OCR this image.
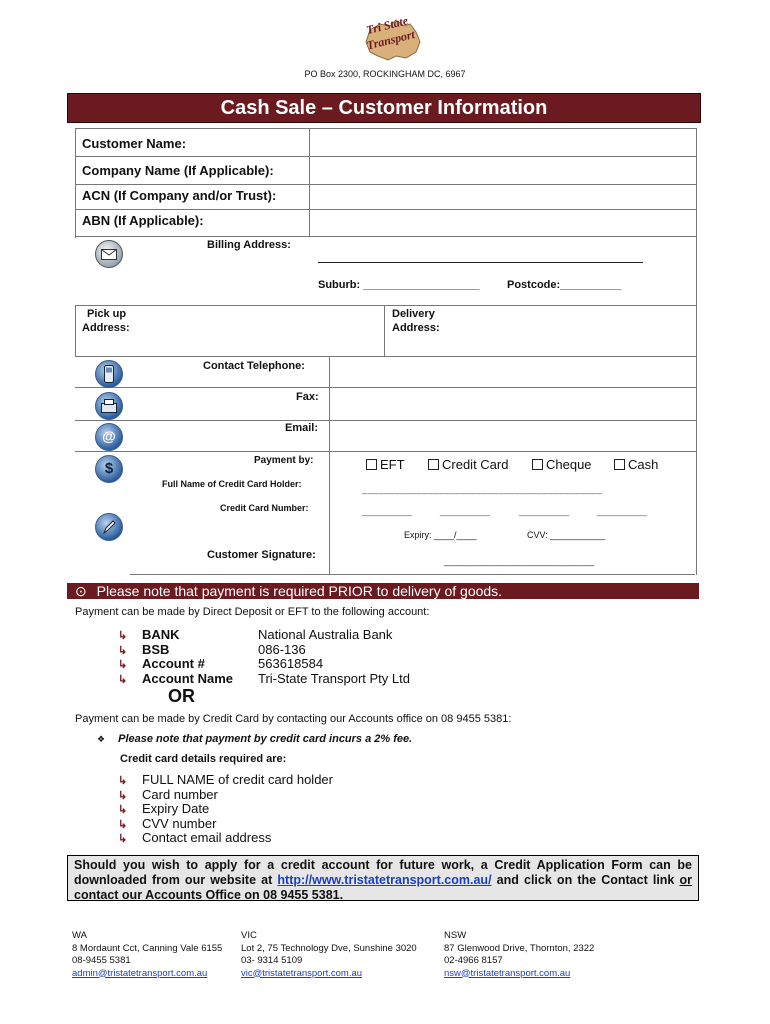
Tri State Transport
PO Box 2300, ROCKINGHAM DC, 6967
Cash Sale – Customer Information
Customer Name:
Company Name (If Applicable):
ACN (If Company and/or Trust):
ABN (If Applicable):
Billing Address:
Suburb: ___________________	Postcode:__________
Pick up
Address:
Delivery
Address:
@
$
Contact Telephone:
Fax:
Email:
Payment by:	EFT	Credit Card	Cheque	Cash
Full Name of Credit Card Holder:	____________________________________________
Credit Card Number:	__________	__________	__________	__________
Expiry: ____/____	CVV: ___________
Customer Signature:
___________________________
⊙ Please note that payment is required PRIOR to delivery of goods.
Payment can be made by Direct Deposit or EFT to the following account:
↳ BANK	National Australia Bank
↳ BSB	086-136
↳ Account #	563618584
↳ Account Name Tri-State Transport Pty Ltd
OR
Payment can be made by Credit Card by contacting our Accounts office on 08 9455 5381:
❖ Please note that payment by credit card incurs a 2% fee.
Credit card details required are:
↳ FULL NAME of credit card holder
↳ Card number
↳ Expiry Date
↳ CVV number
↳ Contact email address
Should you wish to apply for a credit account for future work, a Credit Application Form can be downloaded from our website at http://www.tristatetransport.com.au/ and click on the Contact link or contact our Accounts Office on 08 9455 5381.
WA
8 Mordaunt Cct, Canning Vale 6155
08-9455 5381
admin@tristatetransport.com.au
VIC
Lot 2, 75 Technology Dve, Sunshine 3020
03- 9314 5109
vic@tristatetransport.com.au
NSW
87 Glenwood Drive, Thornton, 2322
02-4966 8157
nsw@tristatetransport.com.au
